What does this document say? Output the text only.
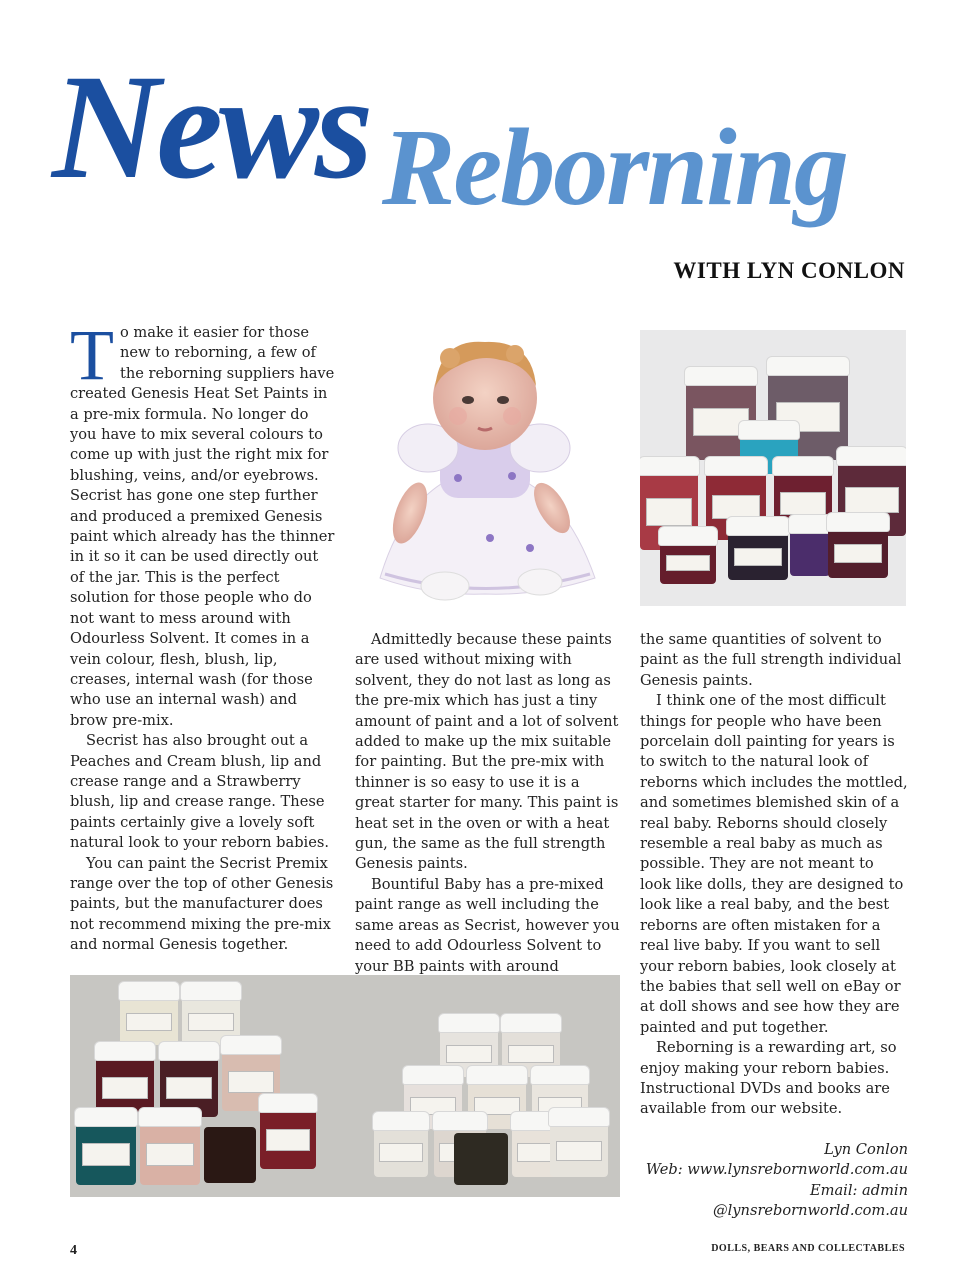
News Reborning
WITH LYN CONLON

To make it easier for those new to reborning, a few of the reborning suppliers have created Genesis Heat Set Paints in a pre-mix formula. No longer do you have to mix several colours to come up with just the right mix for blushing, veins, and/or eyebrows. Secrist has gone one step further and produced a premixed Genesis paint which already has the thinner in it so it can be used directly out of the jar. This is the perfect solution for those people who do not want to mess around with Odourless Solvent. It comes in a vein colour, flesh, blush, lip, creases, internal wash (for those who use an internal wash) and brow pre-mix.

Secrist has also brought out a Peaches and Cream blush, lip and crease range and a Strawberry blush, lip and crease range. These paints certainly give a lovely soft natural look to your reborn babies.

You can paint the Secrist Premix range over the top of other Genesis paints, but the manufacturer does not recommend mixing the pre-mix and normal Genesis together.

Admittedly because these paints are used without mixing with solvent, they do not last as long as the pre-mix which has just a tiny amount of paint and a lot of solvent added to make up the mix suitable for painting. But the pre-mix with thinner is so easy to use it is a great starter for many. This paint is heat set in the oven or with a heat gun, the same as the full strength Genesis paints.

Bountiful Baby has a pre-mixed paint range as well including the same areas as Secrist, however you need to add Odourless Solvent to your BB paints with around

the same quantities of solvent to paint as the full strength individual Genesis paints.

I think one of the most difficult things for people who have been porcelain doll painting for years is to switch to the natural look of reborns which includes the mottled, and sometimes blemished skin of a real baby. Reborns should closely resemble a real baby as much as possible. They are not meant to look like dolls, they are designed to look like a real baby, and the best reborns are often mistaken for a real live baby. If you want to sell your reborn babies, look closely at the babies that sell well on eBay or at doll shows and see how they are painted and put together.

Reborning is a rewarding art, so enjoy making your reborn babies. Instructional DVDs and books are available from our website.

Lyn Conlon
Web: www.lynsrebornworld.com.au
Email: admin
@lynsrebornworld.com.au
4	DOLLS, BEARS AND COLLECTABLES
